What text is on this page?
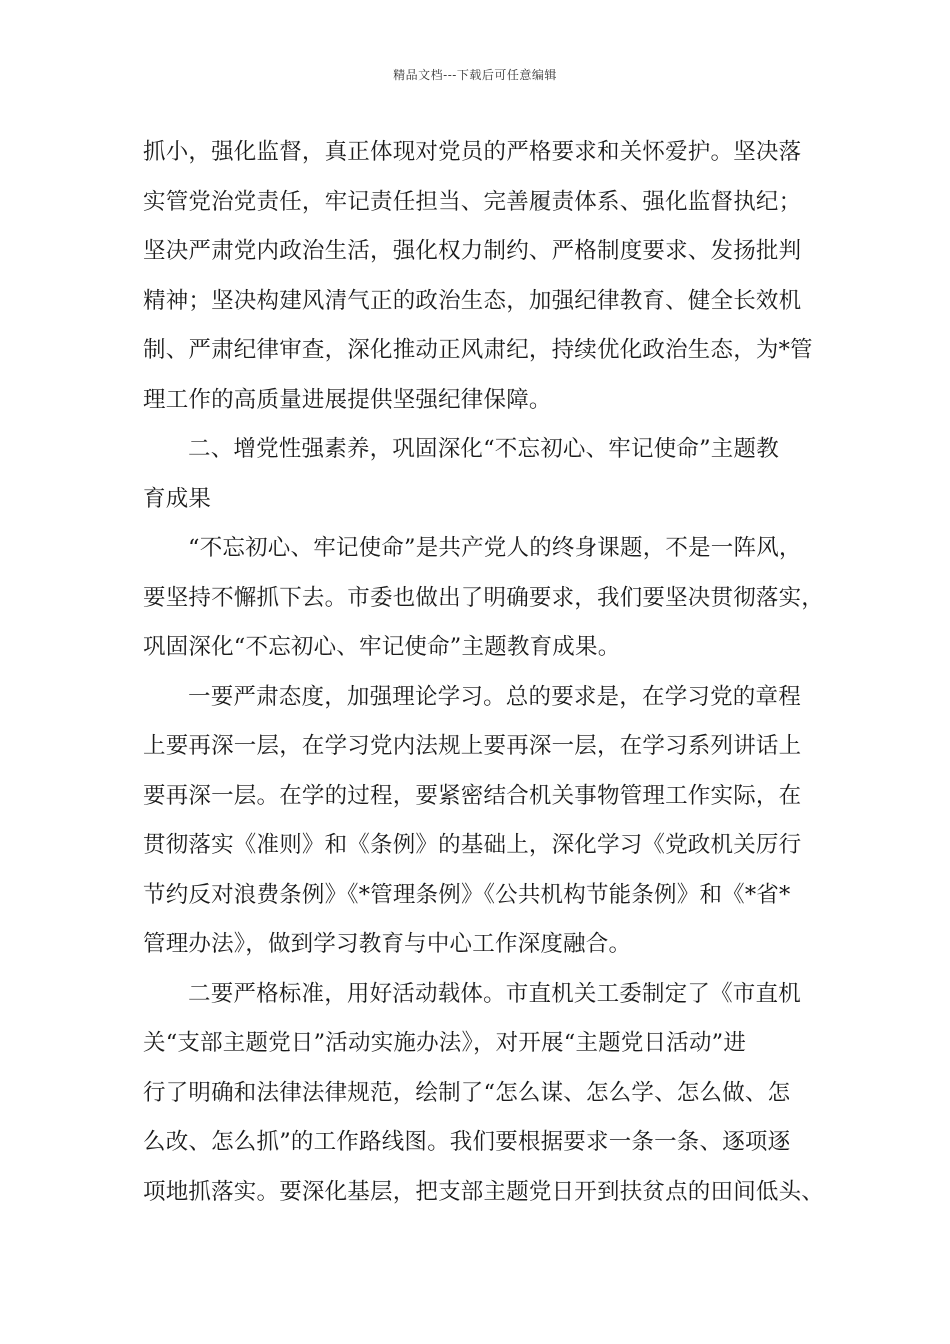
精品文档---下载后可任意编辑
抓小，强化监督，真正体现对党员的严格要求和关怀爱护。坚决落
实管党治党责任，牢记责任担当、完善履责体系、强化监督执纪；
坚决严肃党内政治生活，强化权力制约、严格制度要求、发扬批判
精神；坚决构建风清气正的政治生态，加强纪律教育、健全长效机
制、严肃纪律审查，深化推动正风肃纪，持续优化政治生态，为*管
理工作的高质量进展提供坚强纪律保障。
二、增党性强素养，巩固深化“不忘初心、牢记使命”主题教
育成果
“不忘初心、牢记使命”是共产党人的终身课题，不是一阵风，
要坚持不懈抓下去。市委也做出了明确要求，我们要坚决贯彻落实，
巩固深化“不忘初心、牢记使命”主题教育成果。
一要严肃态度，加强理论学习。总的要求是，在学习党的章程
上要再深一层，在学习党内法规上要再深一层，在学习系列讲话上
要再深一层。在学的过程，要紧密结合机关事物管理工作实际，在
贯彻落实《准则》和《条例》的基础上，深化学习《党政机关厉行
节约反对浪费条例》《*管理条例》《公共机构节能条例》和《*省*
管理办法》，做到学习教育与中心工作深度融合。
二要严格标准，用好活动载体。市直机关工委制定了《市直机
关“支部主题党日”活动实施办法》，对开展“主题党日活动”进
行了明确和法律法律规范，绘制了“怎么谋、怎么学、怎么做、怎
么改、怎么抓”的工作路线图。我们要根据要求一条一条、逐项逐
项地抓落实。要深化基层，把支部主题党日开到扶贫点的田间低头、
